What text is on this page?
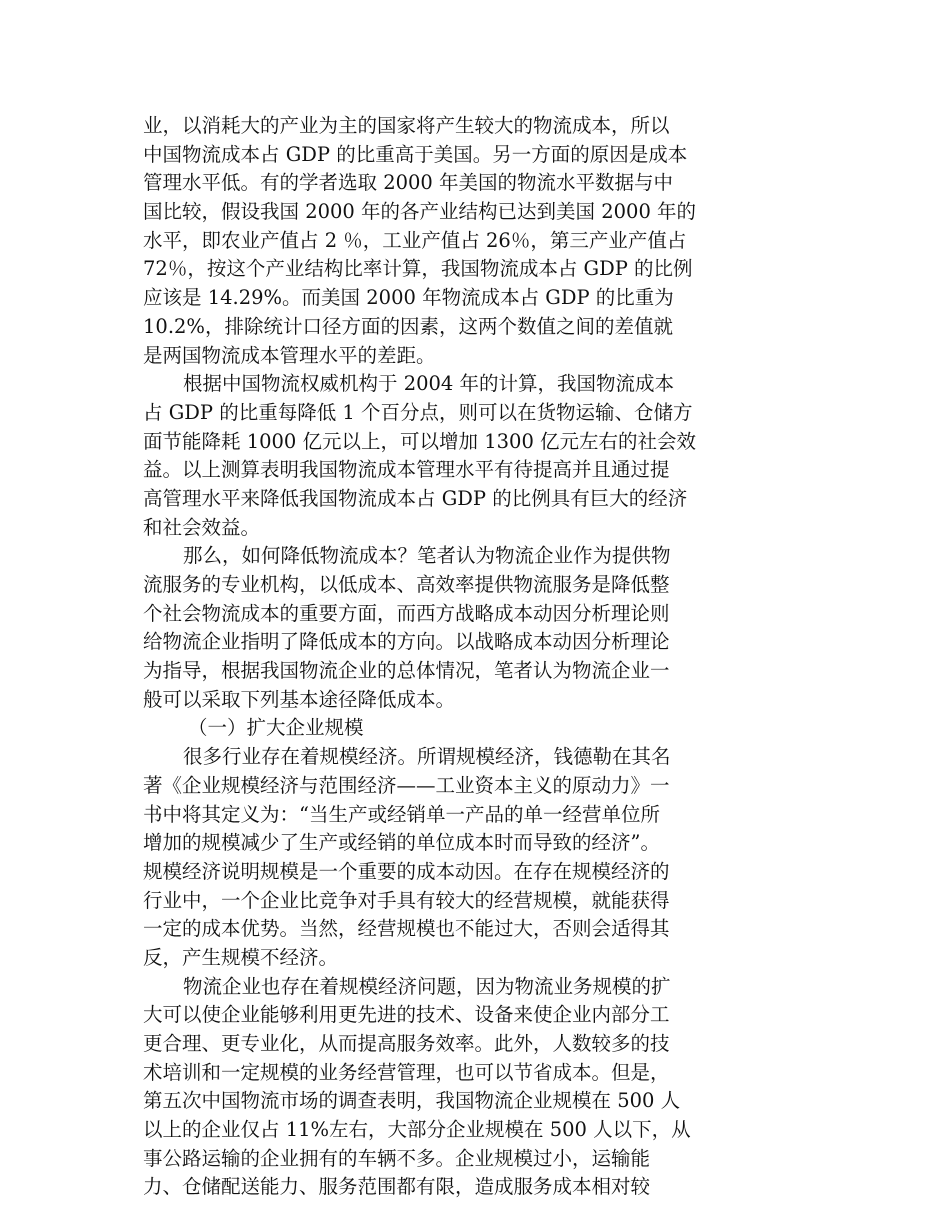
业，以消耗大的产业为主的国家将产生较大的物流成本，所以
中国物流成本占 GDP 的比重高于美国。另一方面的原因是成本
管理水平低。有的学者选取 2000 年美国的物流水平数据与中
国比较，假设我国 2000 年的各产业结构已达到美国 2000 年的
水平，即农业产值占 2 ％，工业产值占 26％，第三产业产值占
72％，按这个产业结构比率计算，我国物流成本占 GDP 的比例
应该是 14.29%。而美国 2000 年物流成本占 GDP 的比重为
10.2%，排除统计口径方面的因素，这两个数值之间的差值就
是两国物流成本管理水平的差距。
根据中国物流权威机构于 2004 年的计算，我国物流成本
占 GDP 的比重每降低 1 个百分点，则可以在货物运输、仓储方
面节能降耗 1000 亿元以上，可以增加 1300 亿元左右的社会效
益。以上测算表明我国物流成本管理水平有待提高并且通过提
高管理水平来降低我国物流成本占 GDP 的比例具有巨大的经济
和社会效益。
那么，如何降低物流成本？笔者认为物流企业作为提供物
流服务的专业机构，以低成本、高效率提供物流服务是降低整
个社会物流成本的重要方面，而西方战略成本动因分析理论则
给物流企业指明了降低成本的方向。以战略成本动因分析理论
为指导，根据我国物流企业的总体情况，笔者认为物流企业一
般可以采取下列基本途径降低成本。
（一）扩大企业规模
很多行业存在着规模经济。所谓规模经济，钱德勒在其名
著《企业规模经济与范围经济——工业资本主义的原动力》一
书中将其定义为：“当生产或经销单一产品的单一经营单位所
增加的规模减少了生产或经销的单位成本时而导致的经济”。
规模经济说明规模是一个重要的成本动因。在存在规模经济的
行业中，一个企业比竞争对手具有较大的经营规模，就能获得
一定的成本优势。当然，经营规模也不能过大，否则会适得其
反，产生规模不经济。
物流企业也存在着规模经济问题，因为物流业务规模的扩
大可以使企业能够利用更先进的技术、设备来使企业内部分工
更合理、更专业化，从而提高服务效率。此外，人数较多的技
术培训和一定规模的业务经营管理，也可以节省成本。但是，
第五次中国物流市场的调查表明，我国物流企业规模在 500 人
以上的企业仅占 11%左右，大部分企业规模在 500 人以下，从
事公路运输的企业拥有的车辆不多。企业规模过小，运输能
力、仓储配送能力、服务范围都有限，造成服务成本相对较
